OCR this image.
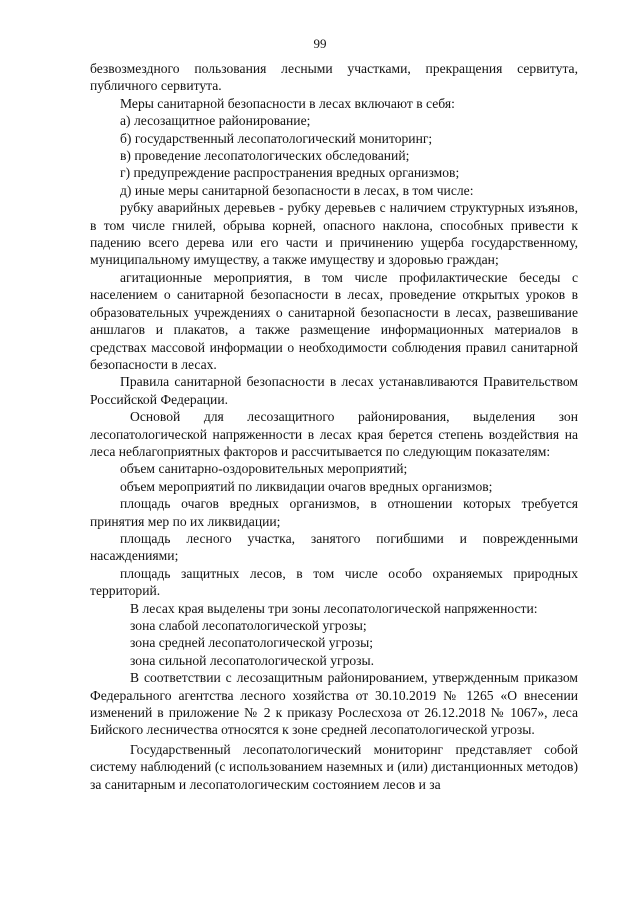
99

безвозмездного пользования лесными участками, прекращения сервитута, публичного сервитута.

Меры санитарной безопасности в лесах включают в себя:

а) лесозащитное районирование;

б) государственный лесопатологический мониторинг;

в) проведение лесопатологических обследований;

г) предупреждение распространения вредных организмов;

д) иные меры санитарной безопасности в лесах, в том числе:

рубку аварийных деревьев - рубку деревьев с наличием структурных изъянов, в том числе гнилей, обрыва корней, опасного наклона, способных привести к падению всего дерева или его части и причинению ущерба государственному, муниципальному имуществу, а также имуществу и здоровью граждан;

агитационные мероприятия, в том числе профилактические беседы с населением о санитарной безопасности в лесах, проведение открытых уроков в образовательных учреждениях о санитарной безопасности в лесах, развешивание аншлагов и плакатов, а также размещение информационных материалов в средствах массовой информации о необходимости соблюдения правил санитарной безопасности в лесах.

Правила санитарной безопасности в лесах устанавливаются Правительством Российской Федерации.

Основой для лесозащитного районирования, выделения зон лесопатологической напряженности в лесах края берется степень воздействия на леса неблагоприятных факторов и рассчитывается по следующим показателям:

объем санитарно-оздоровительных мероприятий;

объем мероприятий по ликвидации очагов вредных организмов;

площадь очагов вредных организмов, в отношении которых требуется принятия мер по их ликвидации;

площадь лесного участка, занятого погибшими и поврежденными насаждениями;

площадь защитных лесов, в том числе особо охраняемых природных территорий.

В лесах края выделены три зоны лесопатологической напряженности:

зона слабой лесопатологической угрозы;

зона средней лесопатологической угрозы;

зона сильной лесопатологической угрозы.

В соответствии с лесозащитным районированием, утвержденным приказом Федерального агентства лесного хозяйства от 30.10.2019 № 1265 «О внесении изменений в приложение № 2 к приказу Рослесхоза от 26.12.2018 № 1067», леса Бийского лесничества относятся к зоне средней лесопатологической угрозы.

Государственный лесопатологический мониторинг представляет собой систему наблюдений (с использованием наземных и (или) дистанционных методов) за санитарным и лесопатологическим состоянием лесов и за
